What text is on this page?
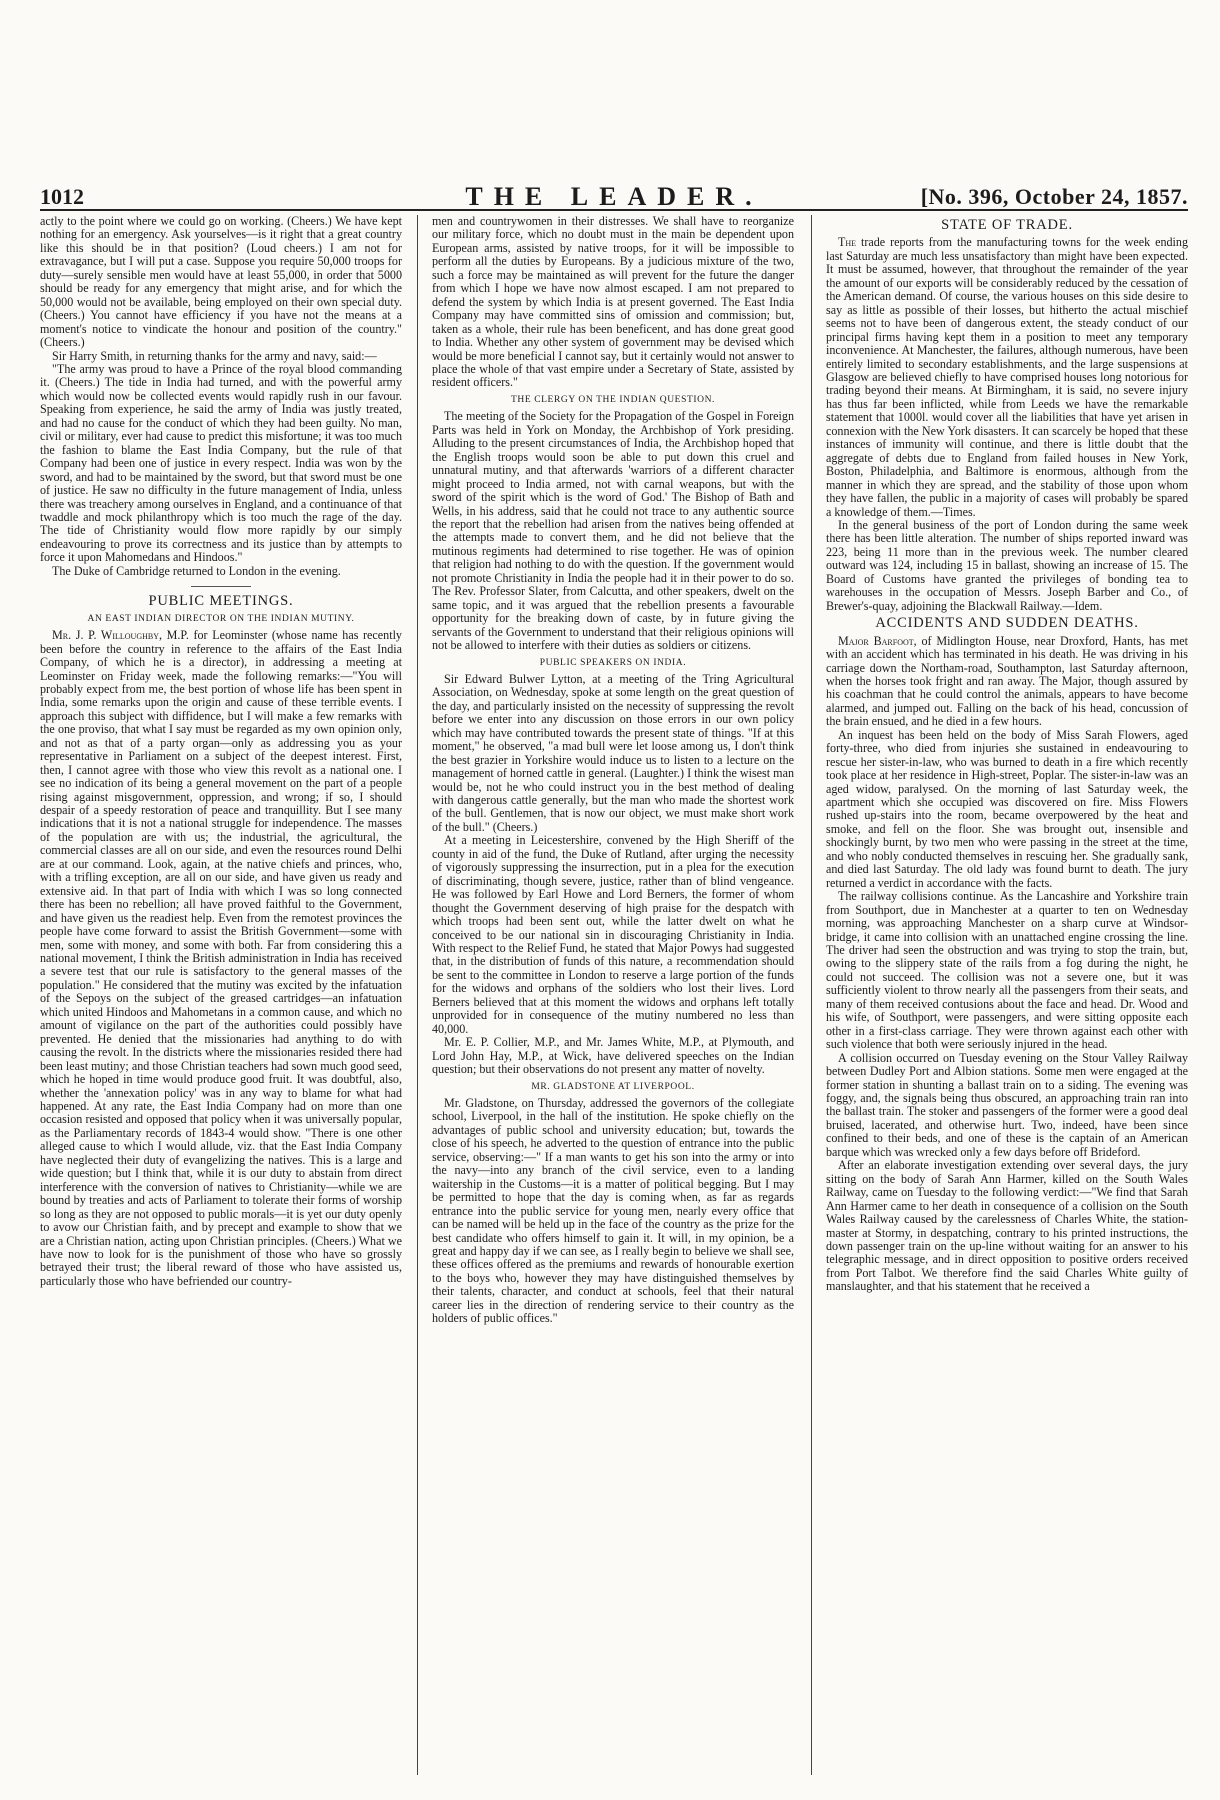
1012	THE LEADER.	[No. 396, October 24, 1857.

actly to the point where we could go on working. (Cheers.) We have kept nothing for an emergency. Ask yourselves—is it right that a great country like this should be in that position? (Loud cheers.) I am not for extravagance, but I will put a case. Suppose you require 50,000 troops for duty—surely sensible men would have at least 55,000, in order that 5000 should be ready for any emergency that might arise, and for which the 50,000 would not be available, being employed on their own special duty. (Cheers.) You cannot have efficiency if you have not the means at a moment's notice to vindicate the honour and position of the country." (Cheers.)

Sir Harry Smith, in returning thanks for the army and navy, said:—

"The army was proud to have a Prince of the royal blood commanding it. (Cheers.) The tide in India had turned, and with the powerful army which would now be collected events would rapidly rush in our favour. Speaking from experience, he said the army of India was justly treated, and had no cause for the conduct of which they had been guilty. No man, civil or military, ever had cause to predict this misfortune; it was too much the fashion to blame the East India Company, but the rule of that Company had been one of justice in every respect. India was won by the sword, and had to be maintained by the sword, but that sword must be one of justice. He saw no difficulty in the future management of India, unless there was treachery among ourselves in England, and a continuance of that twaddle and mock philanthropy which is too much the rage of the day. The tide of Christianity would flow more rapidly by our simply endeavouring to prove its correctness and its justice than by attempts to force it upon Mahomedans and Hindoos."

The Duke of Cambridge returned to London in the evening.

PUBLIC MEETINGS.
AN EAST INDIAN DIRECTOR ON THE INDIAN MUTINY.

Mr. J. P. Willoughby, M.P. for Leominster (whose name has recently been before the country in reference to the affairs of the East India Company, of which he is a director), in addressing a meeting at Leominster on Friday week, made the following remarks:—"You will probably expect from me, the best portion of whose life has been spent in India, some remarks upon the origin and cause of these terrible events. I approach this subject with diffidence, but I will make a few remarks with the one proviso, that what I say must be regarded as my own opinion only, and not as that of a party organ—only as addressing you as your representative in Parliament on a subject of the deepest interest. First, then, I cannot agree with those who view this revolt as a national one. I see no indication of its being a general movement on the part of a people rising against misgovernment, oppression, and wrong; if so, I should despair of a speedy restoration of peace and tranquillity. But I see many indications that it is not a national struggle for independence. The masses of the population are with us; the industrial, the agricultural, the commercial classes are all on our side, and even the resources round Delhi are at our command. Look, again, at the native chiefs and princes, who, with a trifling exception, are all on our side, and have given us ready and extensive aid. In that part of India with which I was so long connected there has been no rebellion; all have proved faithful to the Government, and have given us the readiest help. Even from the remotest provinces the people have come forward to assist the British Government—some with men, some with money, and some with both. Far from considering this a national movement, I think the British administration in India has received a severe test that our rule is satisfactory to the general masses of the population." He considered that the mutiny was excited by the infatuation of the Sepoys on the subject of the greased cartridges—an infatuation which united Hindoos and Mahometans in a common cause, and which no amount of vigilance on the part of the authorities could possibly have prevented. He denied that the missionaries had anything to do with causing the revolt. In the districts where the missionaries resided there had been least mutiny; and those Christian teachers had sown much good seed, which he hoped in time would produce good fruit. It was doubtful, also, whether the 'annexation policy' was in any way to blame for what had happened. At any rate, the East India Company had on more than one occasion resisted and opposed that policy when it was universally popular, as the Parliamentary records of 1843-4 would show. "There is one other alleged cause to which I would allude, viz. that the East India Company have neglected their duty of evangelizing the natives. This is a large and wide question; but I think that, while it is our duty to abstain from direct interference with the conversion of natives to Christianity—while we are bound by treaties and acts of Parliament to tolerate their forms of worship so long as they are not opposed to public morals—it is yet our duty openly to avow our Christian faith, and by precept and example to show that we are a Christian nation, acting upon Christian principles. (Cheers.) What we have now to look for is the punishment of those who have so grossly betrayed their trust; the liberal reward of those who have assisted us, particularly those who have befriended our country-

men and countrywomen in their distresses. We shall have to reorganize our military force, which no doubt must in the main be dependent upon European arms, assisted by native troops, for it will be impossible to perform all the duties by Europeans. By a judicious mixture of the two, such a force may be maintained as will prevent for the future the danger from which I hope we have now almost escaped. I am not prepared to defend the system by which India is at present governed. The East India Company may have committed sins of omission and commission; but, taken as a whole, their rule has been beneficent, and has done great good to India. Whether any other system of government may be devised which would be more beneficial I cannot say, but it certainly would not answer to place the whole of that vast empire under a Secretary of State, assisted by resident officers."

THE CLERGY ON THE INDIAN QUESTION.

The meeting of the Society for the Propagation of the Gospel in Foreign Parts was held in York on Monday, the Archbishop of York presiding. Alluding to the present circumstances of India, the Archbishop hoped that the English troops would soon be able to put down this cruel and unnatural mutiny, and that afterwards 'warriors of a different character might proceed to India armed, not with carnal weapons, but with the sword of the spirit which is the word of God.' The Bishop of Bath and Wells, in his address, said that he could not trace to any authentic source the report that the rebellion had arisen from the natives being offended at the attempts made to convert them, and he did not believe that the mutinous regiments had determined to rise together. He was of opinion that religion had nothing to do with the question. If the government would not promote Christianity in India the people had it in their power to do so. The Rev. Professor Slater, from Calcutta, and other speakers, dwelt on the same topic, and it was argued that the rebellion presents a favourable opportunity for the breaking down of caste, by in future giving the servants of the Government to understand that their religious opinions will not be allowed to interfere with their duties as soldiers or citizens.

PUBLIC SPEAKERS ON INDIA.

Sir Edward Bulwer Lytton, at a meeting of the Tring Agricultural Association, on Wednesday, spoke at some length on the great question of the day, and particularly insisted on the necessity of suppressing the revolt before we enter into any discussion on those errors in our own policy which may have contributed towards the present state of things. "If at this moment," he observed, "a mad bull were let loose among us, I don't think the best grazier in Yorkshire would induce us to listen to a lecture on the management of horned cattle in general. (Laughter.) I think the wisest man would be, not he who could instruct you in the best method of dealing with dangerous cattle generally, but the man who made the shortest work of the bull. Gentlemen, that is now our object, we must make short work of the bull." (Cheers.)

At a meeting in Leicestershire, convened by the High Sheriff of the county in aid of the fund, the Duke of Rutland, after urging the necessity of vigorously suppressing the insurrection, put in a plea for the execution of discriminating, though severe, justice, rather than of blind vengeance. He was followed by Earl Howe and Lord Berners, the former of whom thought the Government deserving of high praise for the despatch with which troops had been sent out, while the latter dwelt on what he conceived to be our national sin in discouraging Christianity in India. With respect to the Relief Fund, he stated that Major Powys had suggested that, in the distribution of funds of this nature, a recommendation should be sent to the committee in London to reserve a large portion of the funds for the widows and orphans of the soldiers who lost their lives. Lord Berners believed that at this moment the widows and orphans left totally unprovided for in consequence of the mutiny numbered no less than 40,000.

Mr. E. P. Collier, M.P., and Mr. James White, M.P., at Plymouth, and Lord John Hay, M.P., at Wick, have delivered speeches on the Indian question; but their observations do not present any matter of novelty.

MR. GLADSTONE AT LIVERPOOL.

Mr. Gladstone, on Thursday, addressed the governors of the collegiate school, Liverpool, in the hall of the institution. He spoke chiefly on the advantages of public school and university education; but, towards the close of his speech, he adverted to the question of entrance into the public service, observing:—" If a man wants to get his son into the army or into the navy—into any branch of the civil service, even to a landing waitership in the Customs—it is a matter of political begging. But I may be permitted to hope that the day is coming when, as far as regards entrance into the public service for young men, nearly every office that can be named will be held up in the face of the country as the prize for the best candidate who offers himself to gain it. It will, in my opinion, be a great and happy day if we can see, as I really begin to believe we shall see, these offices offered as the premiums and rewards of honourable exertion to the boys who, however they may have distinguished themselves by their talents, character, and conduct at schools, feel that their natural career lies in the direction of rendering service to their country as the holders of public offices."

STATE OF TRADE.

The trade reports from the manufacturing towns for the week ending last Saturday are much less unsatisfactory than might have been expected. It must be assumed, however, that throughout the remainder of the year the amount of our exports will be considerably reduced by the cessation of the American demand. Of course, the various houses on this side desire to say as little as possible of their losses, but hitherto the actual mischief seems not to have been of dangerous extent, the steady conduct of our principal firms having kept them in a position to meet any temporary inconvenience. At Manchester, the failures, although numerous, have been entirely limited to secondary establishments, and the large suspensions at Glasgow are believed chiefly to have comprised houses long notorious for trading beyond their means. At Birmingham, it is said, no severe injury has thus far been inflicted, while from Leeds we have the remarkable statement that 1000l. would cover all the liabilities that have yet arisen in connexion with the New York disasters. It can scarcely be hoped that these instances of immunity will continue, and there is little doubt that the aggregate of debts due to England from failed houses in New York, Boston, Philadelphia, and Baltimore is enormous, although from the manner in which they are spread, and the stability of those upon whom they have fallen, the public in a majority of cases will probably be spared a knowledge of them.—Times.

In the general business of the port of London during the same week there has been little alteration. The number of ships reported inward was 223, being 11 more than in the previous week. The number cleared outward was 124, including 15 in ballast, showing an increase of 15. The Board of Customs have granted the privileges of bonding tea to warehouses in the occupation of Messrs. Joseph Barber and Co., of Brewer's-quay, adjoining the Blackwall Railway.—Idem.

ACCIDENTS AND SUDDEN DEATHS.

Major Barfoot, of Midlington House, near Droxford, Hants, has met with an accident which has terminated in his death. He was driving in his carriage down the Northam-road, Southampton, last Saturday afternoon, when the horses took fright and ran away. The Major, though assured by his coachman that he could control the animals, appears to have become alarmed, and jumped out. Falling on the back of his head, concussion of the brain ensued, and he died in a few hours.

An inquest has been held on the body of Miss Sarah Flowers, aged forty-three, who died from injuries she sustained in endeavouring to rescue her sister-in-law, who was burned to death in a fire which recently took place at her residence in High-street, Poplar. The sister-in-law was an aged widow, paralysed. On the morning of last Saturday week, the apartment which she occupied was discovered on fire. Miss Flowers rushed up-stairs into the room, became overpowered by the heat and smoke, and fell on the floor. She was brought out, insensible and shockingly burnt, by two men who were passing in the street at the time, and who nobly conducted themselves in rescuing her. She gradually sank, and died last Saturday. The old lady was found burnt to death. The jury returned a verdict in accordance with the facts.

The railway collisions continue. As the Lancashire and Yorkshire train from Southport, due in Manchester at a quarter to ten on Wednesday morning, was approaching Manchester on a sharp curve at Windsor-bridge, it came into collision with an unattached engine crossing the line. The driver had seen the obstruction and was trying to stop the train, but, owing to the slippery state of the rails from a fog during the night, he could not succeed. The collision was not a severe one, but it was sufficiently violent to throw nearly all the passengers from their seats, and many of them received contusions about the face and head. Dr. Wood and his wife, of Southport, were passengers, and were sitting opposite each other in a first-class carriage. They were thrown against each other with such violence that both were seriously injured in the head.

A collision occurred on Tuesday evening on the Stour Valley Railway between Dudley Port and Albion stations. Some men were engaged at the former station in shunting a ballast train on to a siding. The evening was foggy, and, the signals being thus obscured, an approaching train ran into the ballast train. The stoker and passengers of the former were a good deal bruised, lacerated, and otherwise hurt. Two, indeed, have been since confined to their beds, and one of these is the captain of an American barque which was wrecked only a few days before off Brideford.

After an elaborate investigation extending over several days, the jury sitting on the body of Sarah Ann Harmer, killed on the South Wales Railway, came on Tuesday to the following verdict:—"We find that Sarah Ann Harmer came to her death in consequence of a collision on the South Wales Railway caused by the carelessness of Charles White, the station-master at Stormy, in despatching, contrary to his printed instructions, the down passenger train on the up-line without waiting for an answer to his telegraphic message, and in direct opposition to positive orders received from Port Talbot. We therefore find the said Charles White guilty of manslaughter, and that his statement that he received a
